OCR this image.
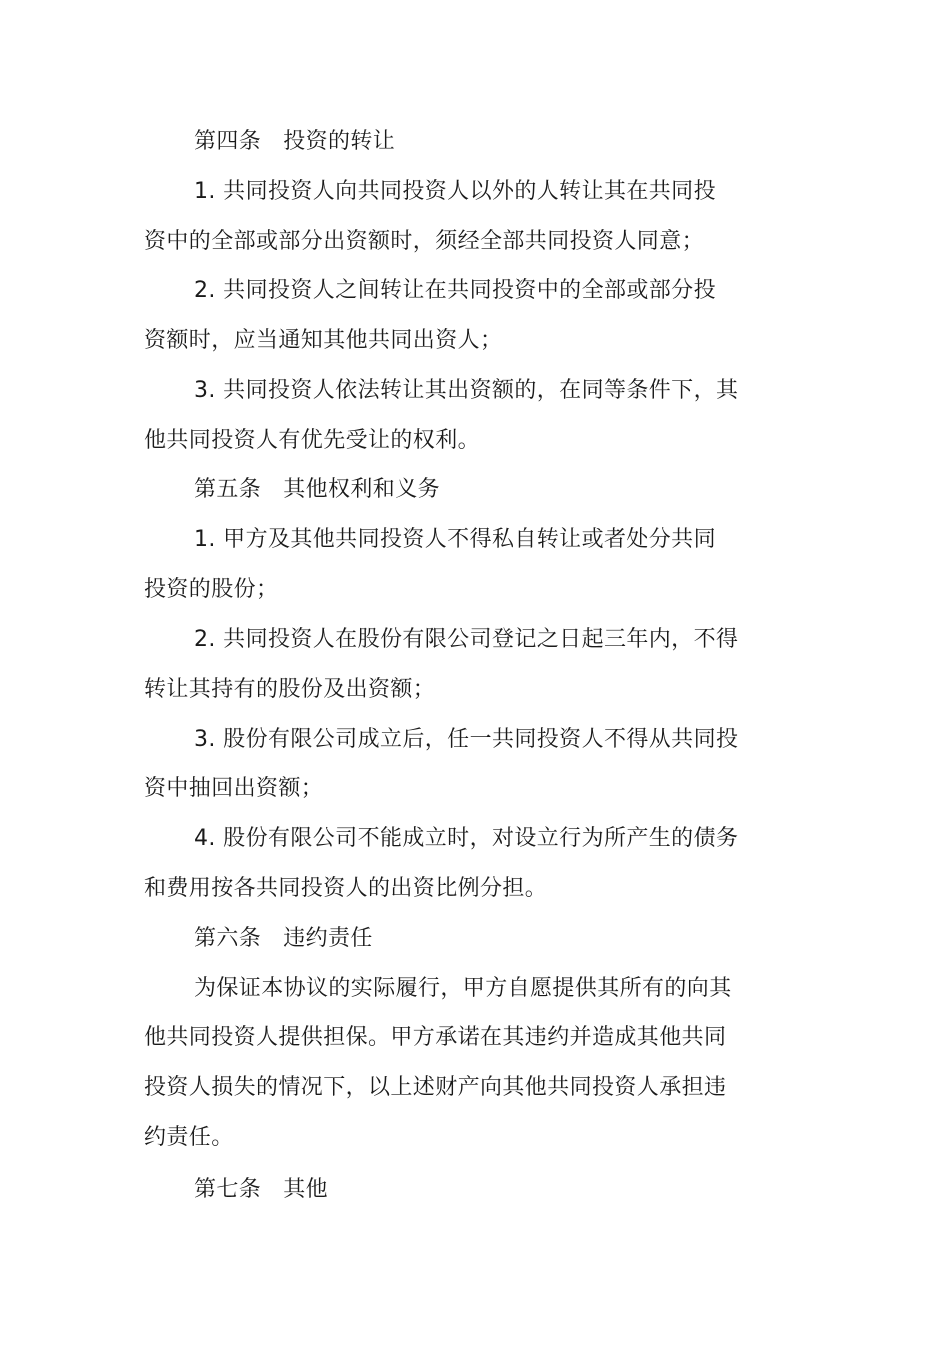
第四条 投资的转让
1. 共同投资人向共同投资人以外的人转让其在共同投
资中的全部或部分出资额时，须经全部共同投资人同意；
2. 共同投资人之间转让在共同投资中的全部或部分投
资额时，应当通知其他共同出资人；
3. 共同投资人依法转让其出资额的，在同等条件下，其
他共同投资人有优先受让的权利。
第五条 其他权利和义务
1. 甲方及其他共同投资人不得私自转让或者处分共同
投资的股份；
2. 共同投资人在股份有限公司登记之日起三年内，不得
转让其持有的股份及出资额；
3. 股份有限公司成立后，任一共同投资人不得从共同投
资中抽回出资额；
4. 股份有限公司不能成立时，对设立行为所产生的债务
和费用按各共同投资人的出资比例分担。
第六条 违约责任
为保证本协议的实际履行，甲方自愿提供其所有的向其
他共同投资人提供担保。甲方承诺在其违约并造成其他共同
投资人损失的情况下，以上述财产向其他共同投资人承担违
约责任。
第七条 其他
